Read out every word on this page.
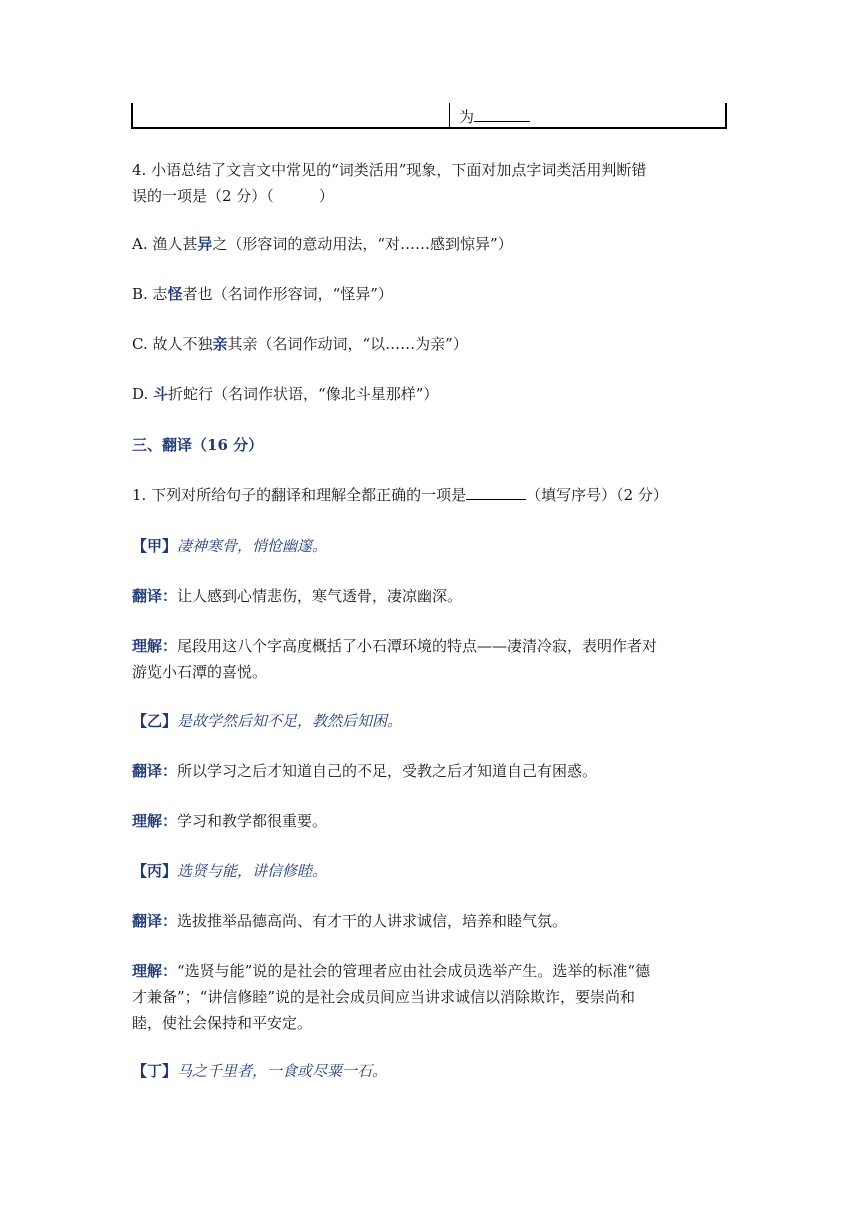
为
4. 小语总结了文言文中常见的“词类活用”现象，下面对加点字词类活用判断错
误的一项是（2 分）（　　　）
A. 渔人甚异之（形容词的意动用法，“对……感到惊异”）
B. 志怪者也（名词作形容词，“怪异”）
C. 故人不独亲其亲（名词作动词，“以……为亲”）
D. 斗折蛇行（名词作状语，“像北斗星那样”）
三、翻译（16 分）
1. 下列对所给句子的翻译和理解全都正确的一项是	（填写序号）（2 分）
【甲】凄神寒骨，悄怆幽邃。
翻译：让人感到心情悲伤，寒气透骨，凄凉幽深。
理解：尾段用这八个字高度概括了小石潭环境的特点——凄清冷寂，表明作者对
游览小石潭的喜悦。
【乙】是故学然后知不足，教然后知困。
翻译：所以学习之后才知道自己的不足，受教之后才知道自己有困惑。
理解：学习和教学都很重要。
【丙】选贤与能，讲信修睦。
翻译：选拔推举品德高尚、有才干的人讲求诚信，培养和睦气氛。
理解：“选贤与能”说的是社会的管理者应由社会成员选举产生。选举的标准“德
才兼备”；“讲信修睦”说的是社会成员间应当讲求诚信以消除欺诈，要崇尚和
睦，使社会保持和平安定。
【丁】马之千里者，一食或尽粟一石。
